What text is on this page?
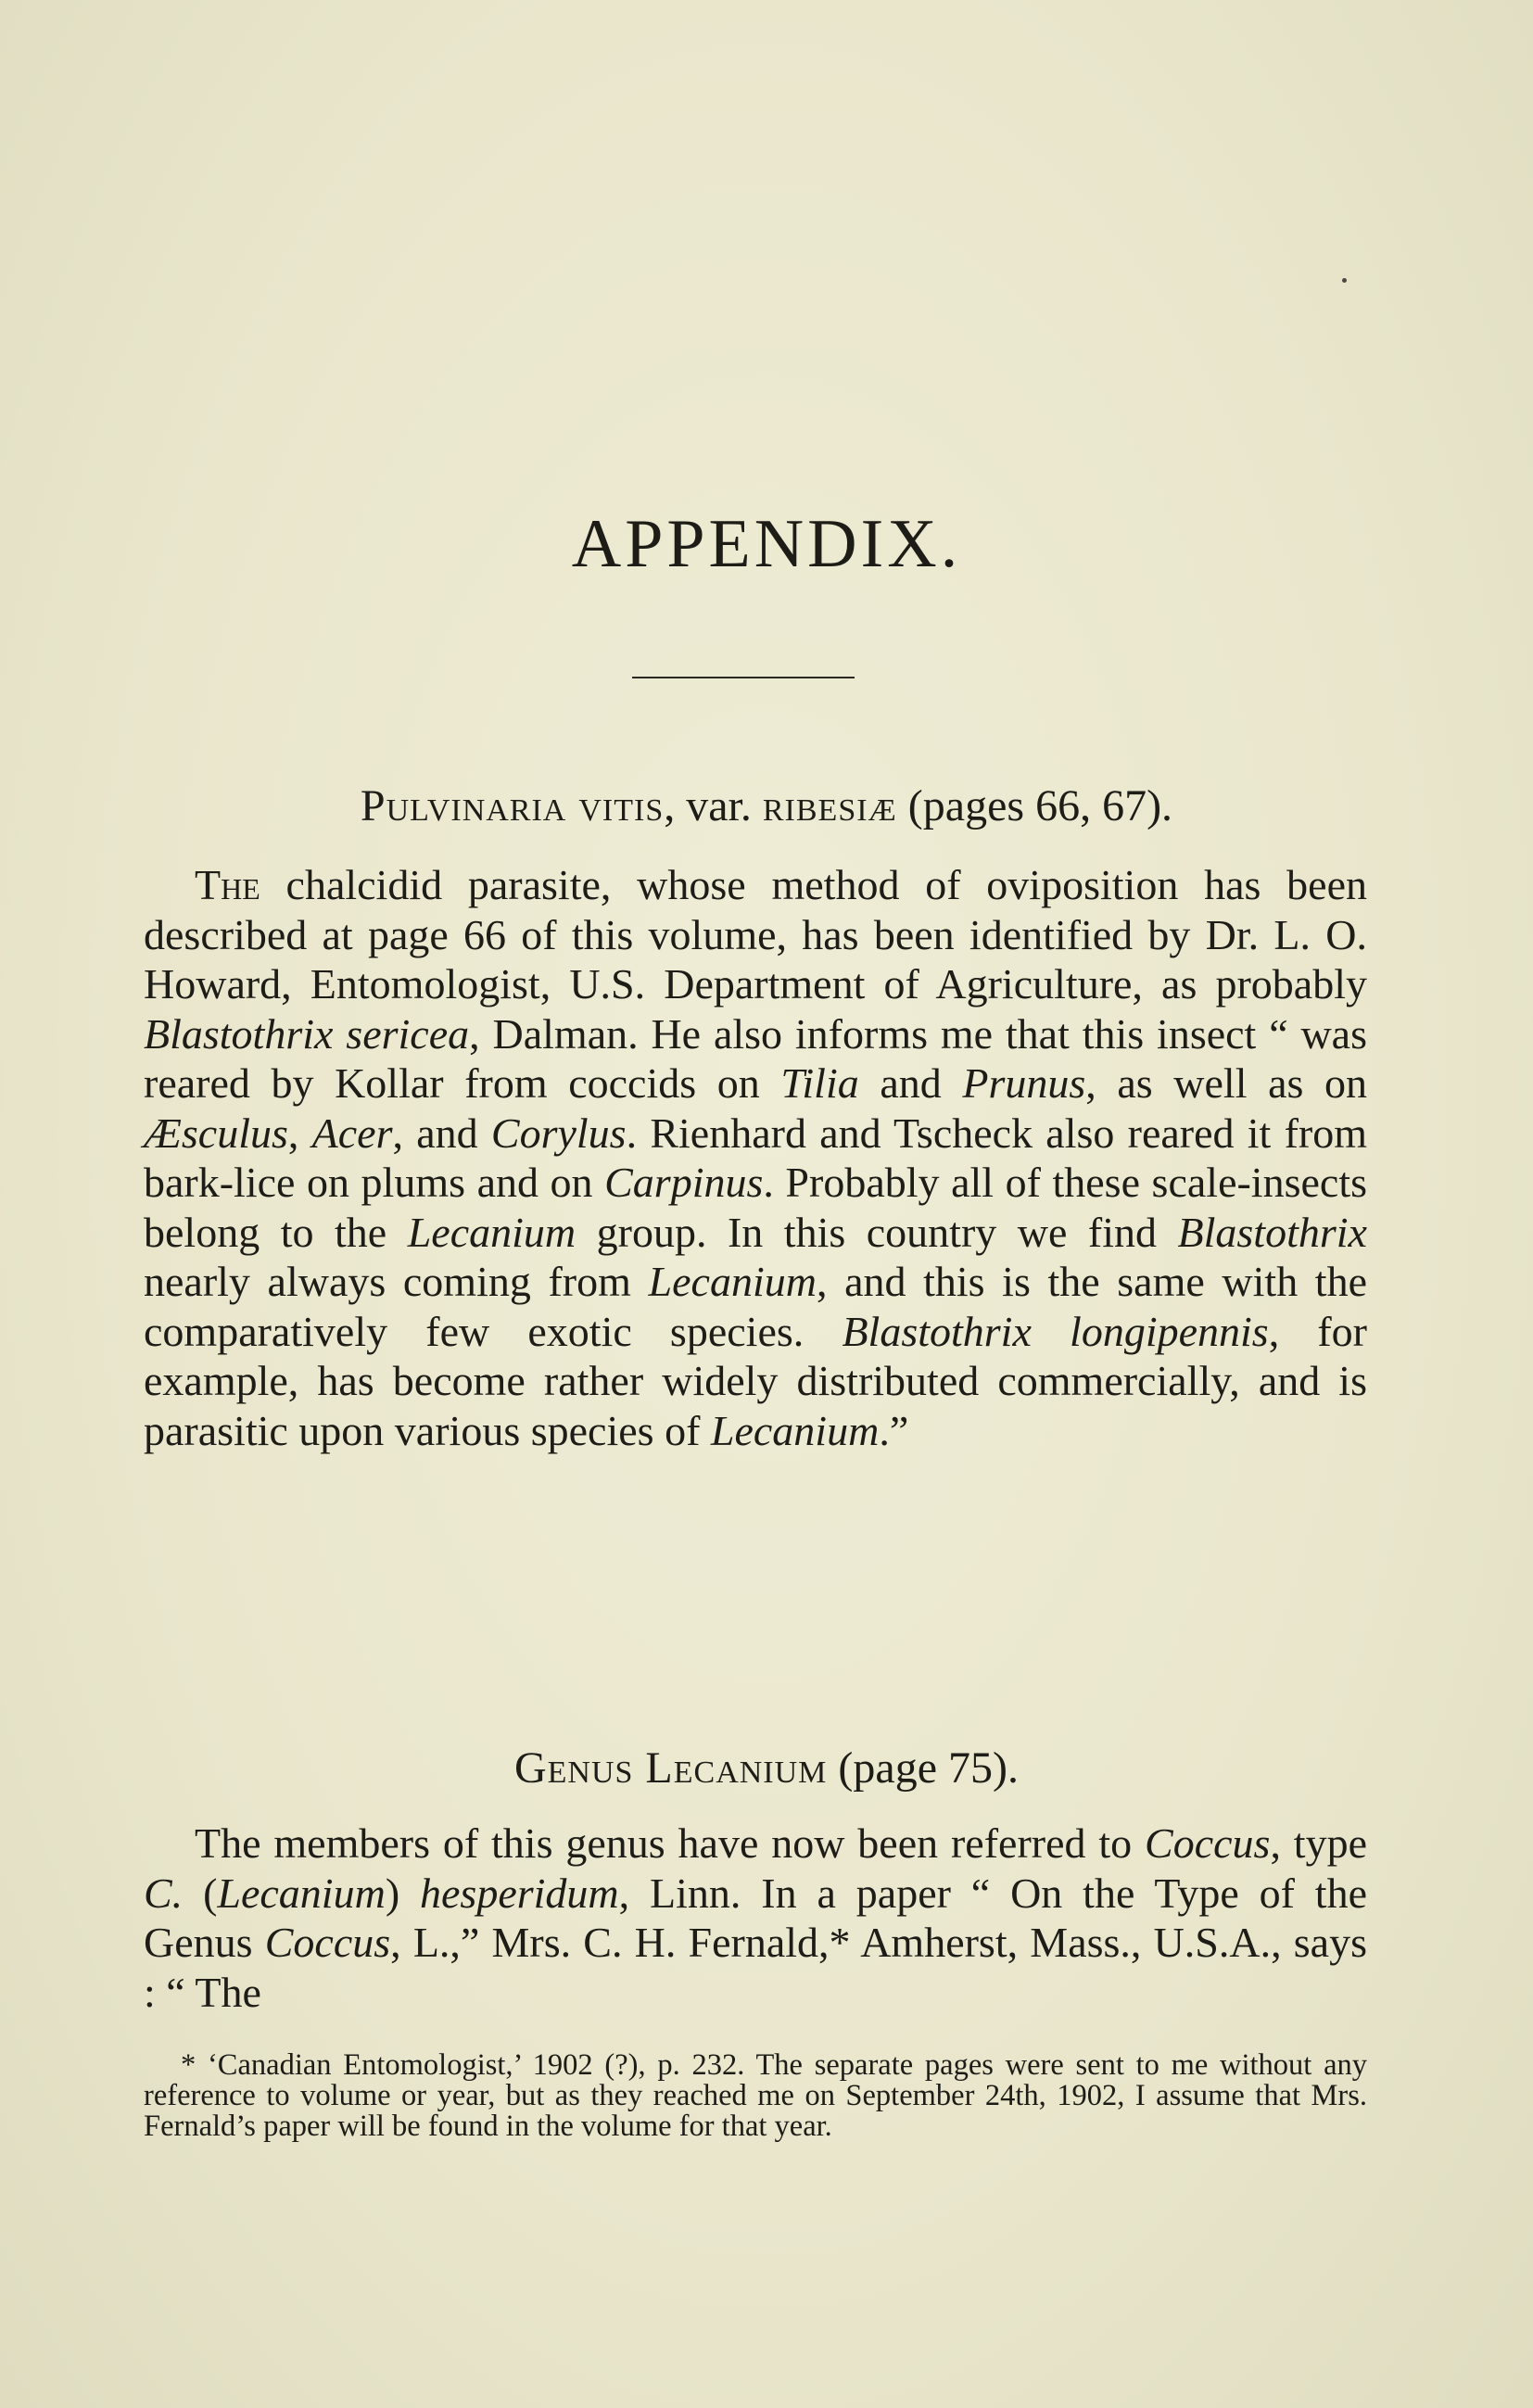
APPENDIX.
Pulvinaria vitis, var. ribesiæ (pages 66, 67).

The chalcidid parasite, whose method of oviposition has been described at page 66 of this volume, has been identified by Dr. L. O. Howard, Entomologist, U.S. Department of Agriculture, as probably Blastothrix sericea, Dalman. He also informs me that this insect “ was reared by Kollar from coccids on Tilia and Prunus, as well as on Æsculus, Acer, and Corylus. Rienhard and Tscheck also reared it from bark-lice on plums and on Carpinus. Probably all of these scale-insects belong to the Lecanium group. In this country we find Blastothrix nearly always coming from Lecanium, and this is the same with the comparatively few exotic species. Blastothrix longipennis, for example, has become rather widely distributed commercially, and is parasitic upon various species of Lecanium.”

Genus Lecanium (page 75).

The members of this genus have now been referred to Coccus, type C. (Lecanium) hesperidum, Linn. In a paper “ On the Type of the Genus Coccus, L.,” Mrs. C. H. Fernald,* Amherst, Mass., U.S.A., says : “ The

* ‘Canadian Entomologist,’ 1902 (?), p. 232. The separate pages were sent to me without any reference to volume or year, but as they reached me on September 24th, 1902, I assume that Mrs. Fernald’s paper will be found in the volume for that year.
